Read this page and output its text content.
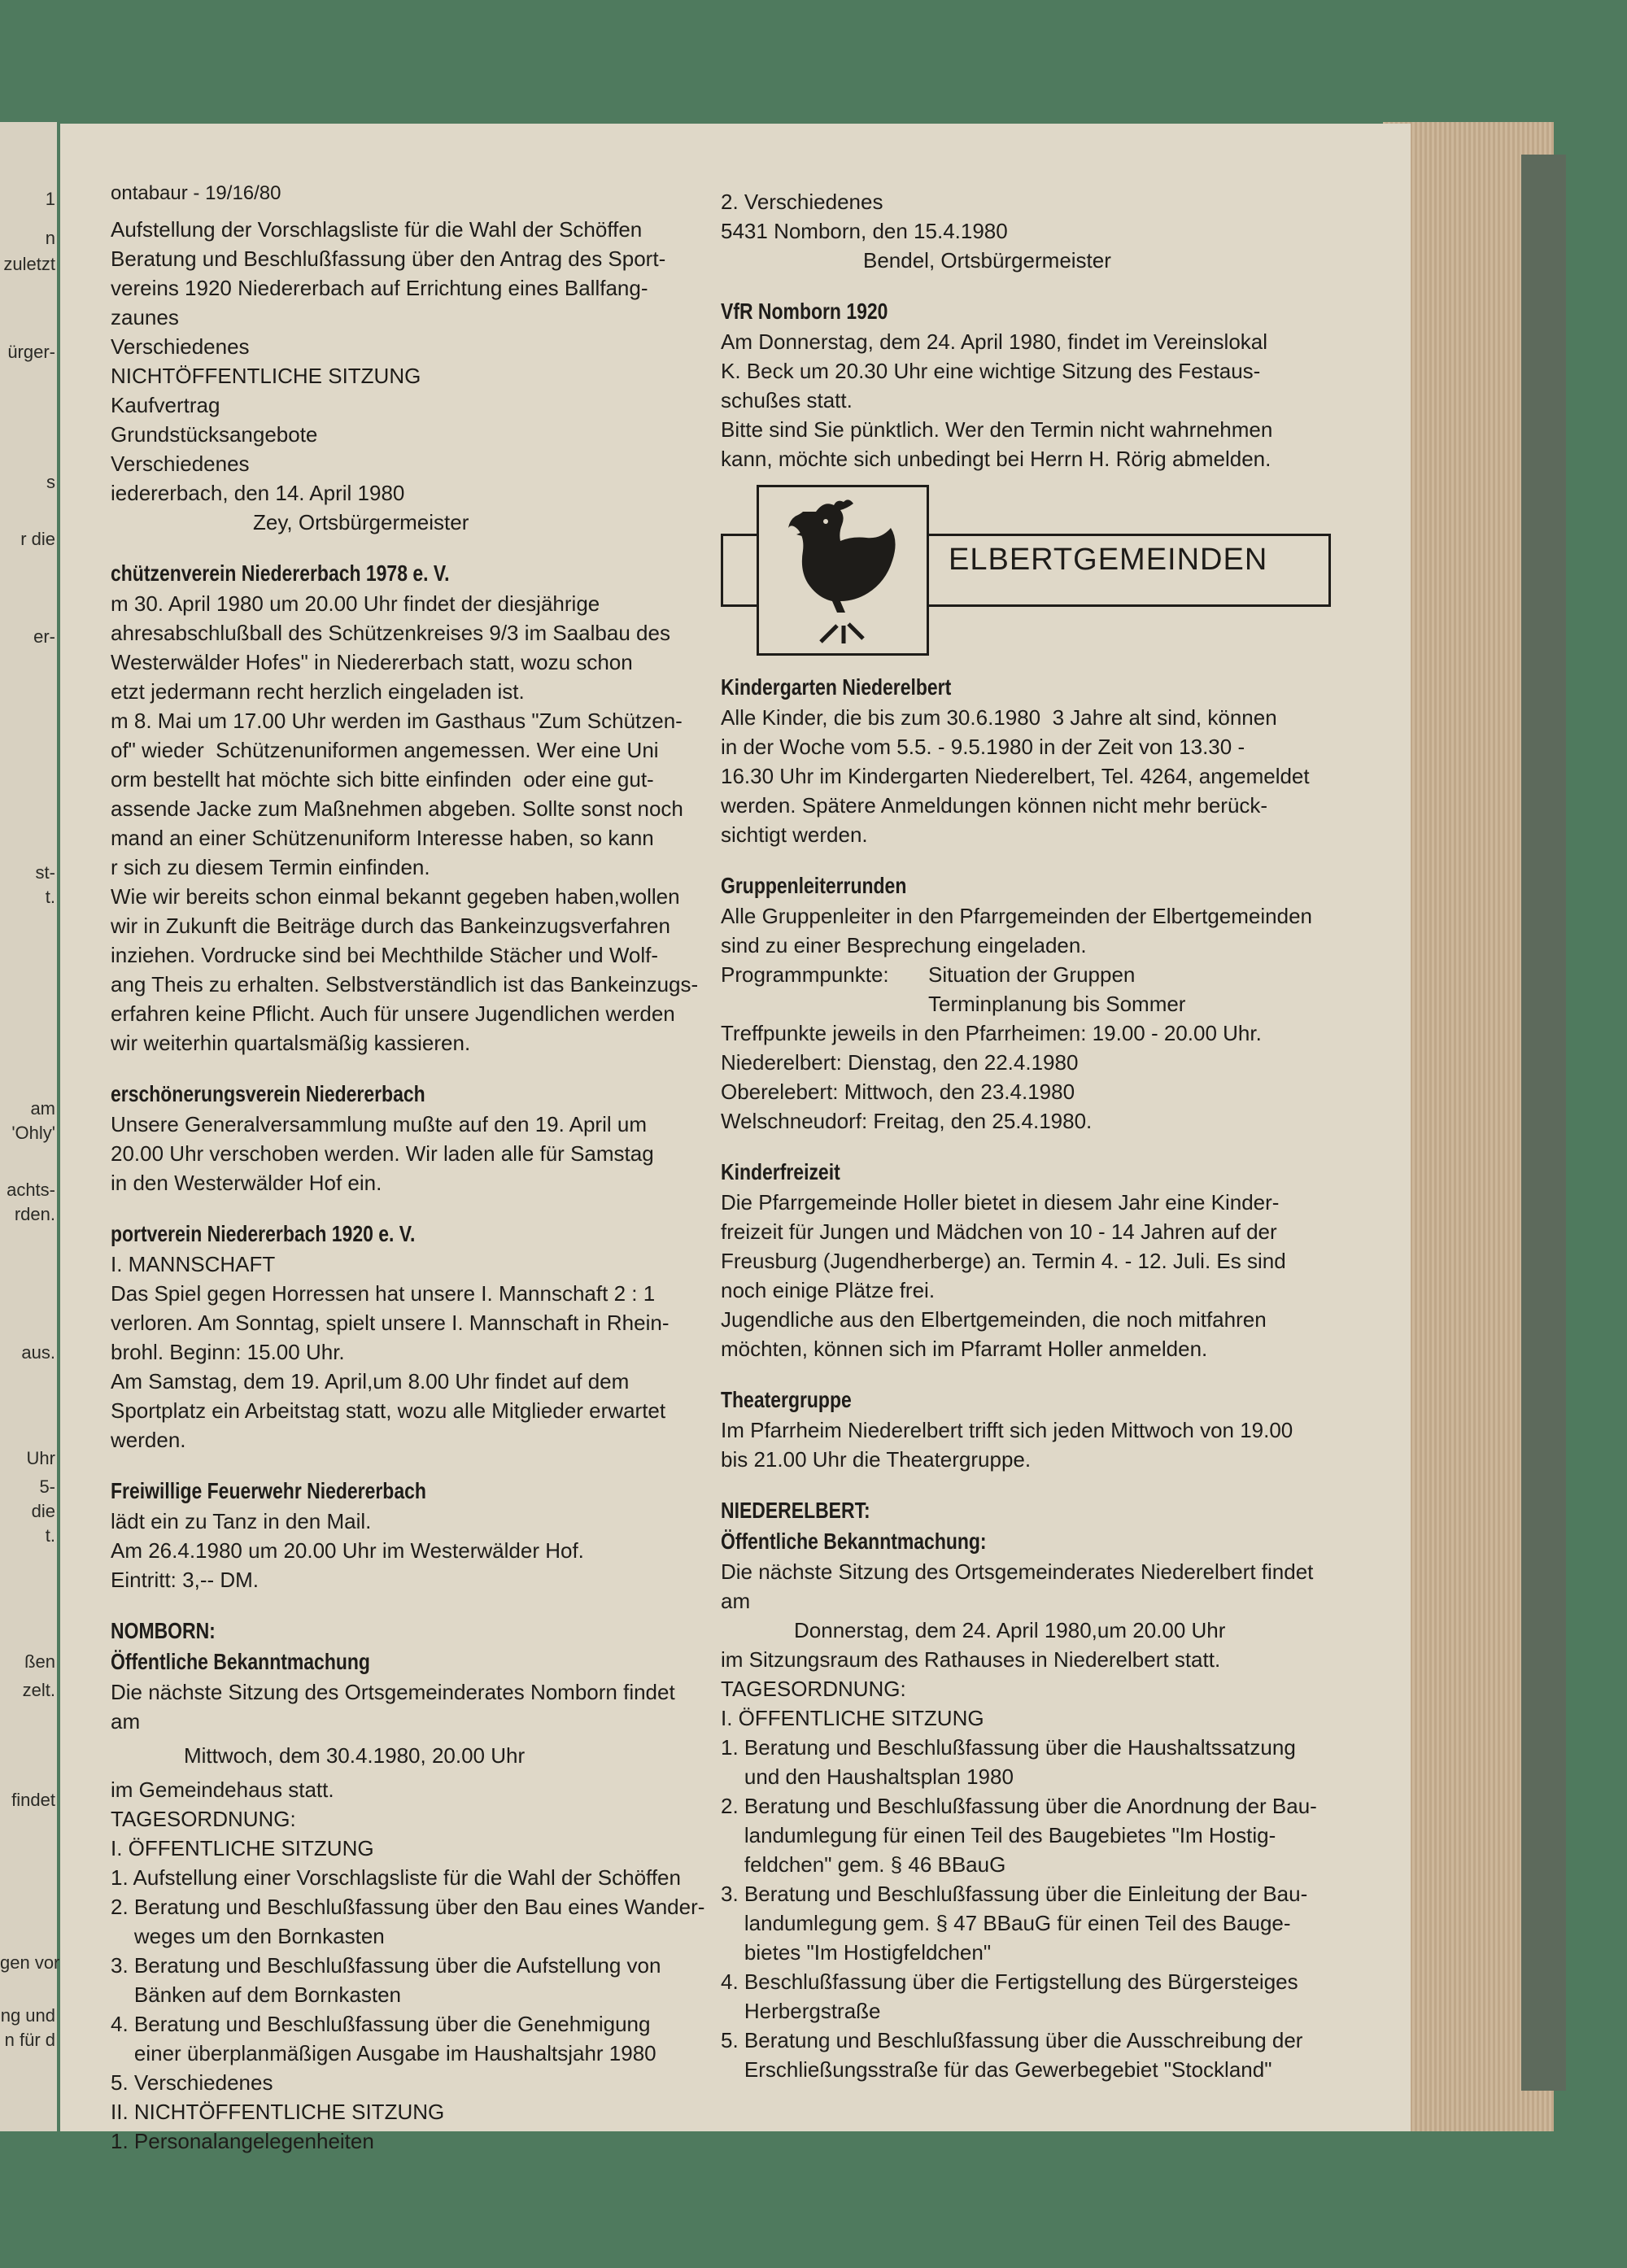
ontabaur - 19/16/80
Aufstellung der Vorschlagsliste für die Wahl der Schöffen
Beratung und Beschlußfassung über den Antrag des Sport-
vereins 1920 Niedererbach auf Errichtung eines Ballfang-
zaunes
Verschiedenes
NICHTÖFFENTLICHE SITZUNG
Kaufvertrag
Grundstücksangebote
Verschiedenes
iedererbach, den 14. April 1980
Zey, Ortsbürgermeister
chützenverein Niedererbach 1978 e. V.
m 30. April 1980 um 20.00 Uhr findet der diesjährige
ahresabschlußball des Schützenkreises 9/3 im Saalbau des
Westerwälder Hofes" in Niedererbach statt, wozu schon
etzt jedermann recht herzlich eingeladen ist.
m 8. Mai um 17.00 Uhr werden im Gasthaus "Zum Schützen-
of" wieder  Schützenuniformen angemessen. Wer eine Uni
orm bestellt hat möchte sich bitte einfinden  oder eine gut-
assende Jacke zum Maßnehmen abgeben. Sollte sonst noch
mand an einer Schützenuniform Interesse haben, so kann
r sich zu diesem Termin einfinden.
Wie wir bereits schon einmal bekannt gegeben haben,wollen
wir in Zukunft die Beiträge durch das Bankeinzugsverfahren
inziehen. Vordrucke sind bei Mechthilde Stächer und Wolf-
ang Theis zu erhalten. Selbstverständlich ist das Bankeinzugs-
erfahren keine Pflicht. Auch für unsere Jugendlichen werden
wir weiterhin quartalsmäßig kassieren.
erschönerungsverein Niedererbach
Unsere Generalversammlung mußte auf den 19. April um
20.00 Uhr verschoben werden. Wir laden alle für Samstag
in den Westerwälder Hof ein.
portverein Niedererbach 1920 e. V.
I. MANNSCHAFT
Das Spiel gegen Horressen hat unsere I. Mannschaft 2 : 1
verloren. Am Sonntag, spielt unsere I. Mannschaft in Rhein-
brohl. Beginn: 15.00 Uhr.
Am Samstag, dem 19. April,um 8.00 Uhr findet auf dem
Sportplatz ein Arbeitstag statt, wozu alle Mitglieder erwartet
werden.
Freiwillige Feuerwehr Niedererbach
lädt ein zu Tanz in den Mail.
Am 26.4.1980 um 20.00 Uhr im Westerwälder Hof.
Eintritt: 3,-- DM.
NOMBORN:
Öffentliche Bekanntmachung
Die nächste Sitzung des Ortsgemeinderates Nomborn findet
am
Mittwoch, dem 30.4.1980, 20.00 Uhr
im Gemeindehaus statt.
TAGESORDNUNG:
I. ÖFFENTLICHE SITZUNG
1. Aufstellung einer Vorschlagsliste für die Wahl der Schöffen
2. Beratung und Beschlußfassung über den Bau eines Wander-
weges um den Bornkasten
3. Beratung und Beschlußfassung über die Aufstellung von
Bänken auf dem Bornkasten
4. Beratung und Beschlußfassung über die Genehmigung
einer überplanmäßigen Ausgabe im Haushaltsjahr 1980
5. Verschiedenes
II. NICHTÖFFENTLICHE SITZUNG
1. Personalangelegenheiten
2. Verschiedenes
5431 Nomborn, den 15.4.1980
Bendel, Ortsbürgermeister
VfR Nomborn 1920
Am Donnerstag, dem 24. April 1980, findet im Vereinslokal
K. Beck um 20.30 Uhr eine wichtige Sitzung des Festaus-
schußes statt.
Bitte sind Sie pünktlich. Wer den Termin nicht wahrnehmen
kann, möchte sich unbedingt bei Herrn H. Rörig abmelden.
ELBERTGEMEINDEN
Kindergarten Niederelbert
Alle Kinder, die bis zum 30.6.1980  3 Jahre alt sind, können
in der Woche vom 5.5. - 9.5.1980 in der Zeit von 13.30 -
16.30 Uhr im Kindergarten Niederelbert, Tel. 4264, angemeldet
werden. Spätere Anmeldungen können nicht mehr berück-
sichtigt werden.
Gruppenleiterrunden
Alle Gruppenleiter in den Pfarrgemeinden der Elbertgemeinden
sind zu einer Besprechung eingeladen.
Programmpunkte: Situation der Gruppen
Terminplanung bis Sommer
Treffpunkte jeweils in den Pfarrheimen: 19.00 - 20.00 Uhr.
Niederelbert: Dienstag, den 22.4.1980
Oberelebert: Mittwoch, den 23.4.1980
Welschneudorf: Freitag, den 25.4.1980.
Kinderfreizeit
Die Pfarrgemeinde Holler bietet in diesem Jahr eine Kinder-
freizeit für Jungen und Mädchen von 10 - 14 Jahren auf der
Freusburg (Jugendherberge) an. Termin 4. - 12. Juli. Es sind
noch einige Plätze frei.
Jugendliche aus den Elbertgemeinden, die noch mitfahren
möchten, können sich im Pfarramt Holler anmelden.
Theatergruppe
Im Pfarrheim Niederelbert trifft sich jeden Mittwoch von 19.00
bis 21.00 Uhr die Theatergruppe.
NIEDERELBERT:
Öffentliche Bekanntmachung:
Die nächste Sitzung des Ortsgemeinderates Niederelbert findet
am
Donnerstag, dem 24. April 1980,um 20.00 Uhr
im Sitzungsraum des Rathauses in Niederelbert statt.
TAGESORDNUNG:
I. ÖFFENTLICHE SITZUNG
1. Beratung und Beschlußfassung über die Haushaltssatzung
und den Haushaltsplan 1980
2. Beratung und Beschlußfassung über die Anordnung der Bau-
landumlegung für einen Teil des Baugebietes "Im Hostig-
feldchen" gem. § 46 BBauG
3. Beratung und Beschlußfassung über die Einleitung der Bau-
landumlegung gem. § 47 BBauG für einen Teil des Bauge-
bietes "Im Hostigfeldchen"
4. Beschlußfassung über die Fertigstellung des Bürgersteiges
Herbergstraße
5. Beratung und Beschlußfassung über die Ausschreibung der
Erschließungsstraße für das Gewerbegebiet "Stockland"
1
n
zuletzt
ürger-
s
r die
er-
st-
t.
am
'Ohly'
achts-
rden.
aus.
Uhr
5-
die
t.
ßen
zelt.
findet
gen vor
ng und
n für d
